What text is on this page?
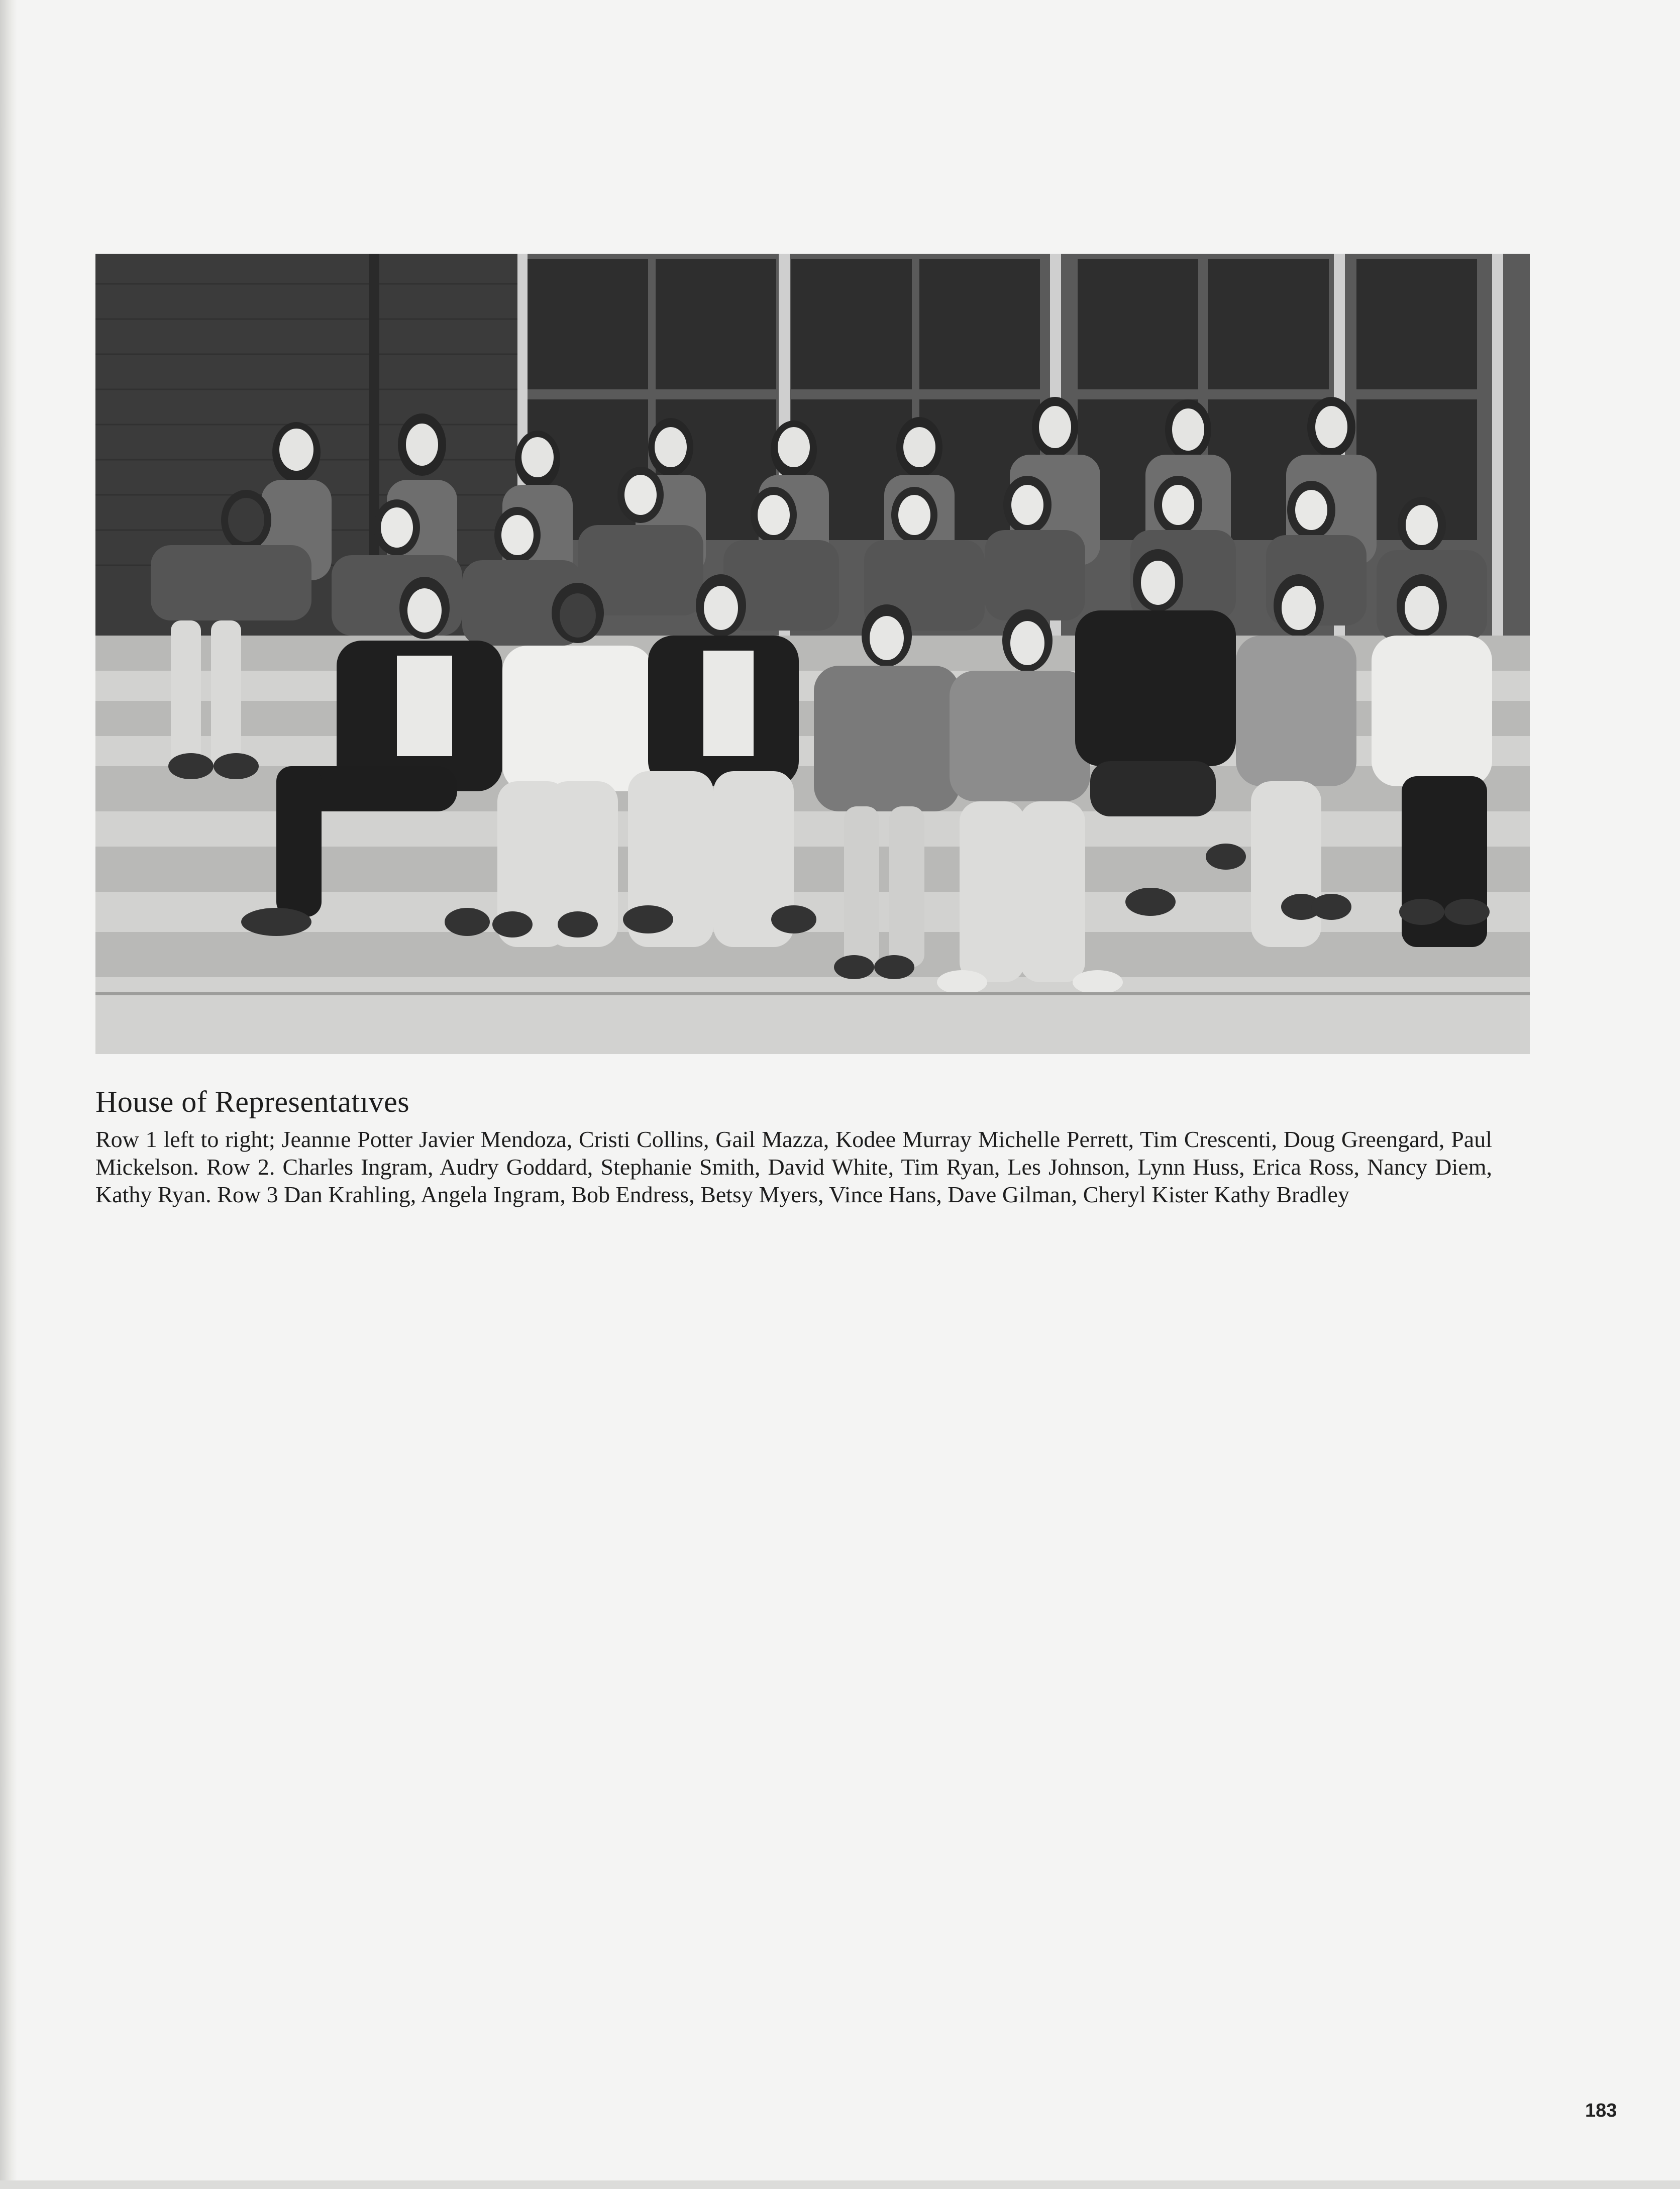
House of Representatıves
Row 1 left to right; Jeannıe Potter Javier Mendoza, Cristi Collins, Gail Mazza, Kodee Murray Michelle Perrett, Tim Crescenti, Doug Greengard, Paul Mickelson. Row 2. Charles Ingram, Audry Goddard, Stephanie Smith, David White, Tim Ryan, Les Johnson, Lynn Huss, Erica Ross, Nancy Diem, Kathy Ryan. Row 3 Dan Krahling, Angela Ingram, Bob Endress, Betsy Myers, Vince Hans, Dave Gilman, Cheryl Kister Kathy Bradley
183
